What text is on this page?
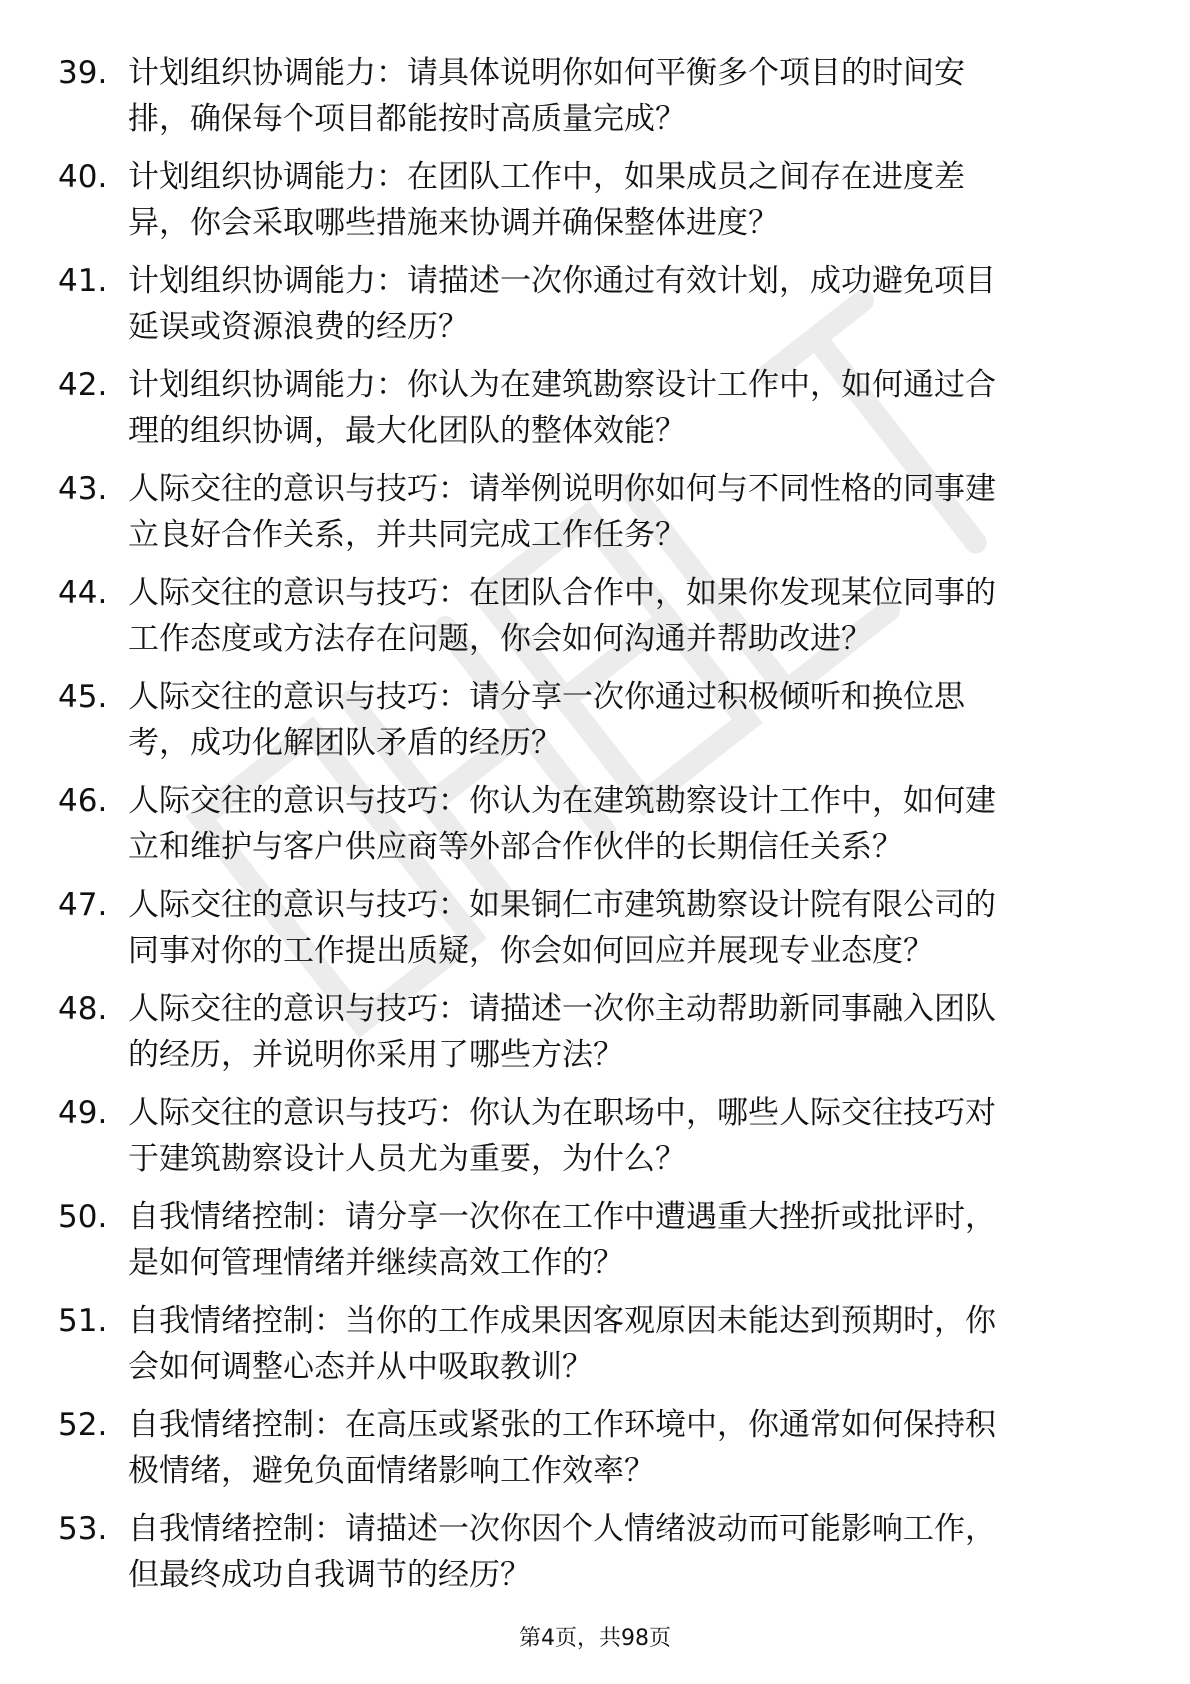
39. 计划组织协调能力：请具体说明你如何平衡多个项目的时间安
排，确保每个项目都能按时高质量完成？
40. 计划组织协调能力：在团队工作中，如果成员之间存在进度差
异，你会采取哪些措施来协调并确保整体进度？
41. 计划组织协调能力：请描述一次你通过有效计划，成功避免项目
延误或资源浪费的经历？
42. 计划组织协调能力：你认为在建筑勘察设计工作中，如何通过合
理的组织协调，最大化团队的整体效能？
43. 人际交往的意识与技巧：请举例说明你如何与不同性格的同事建
立良好合作关系，并共同完成工作任务？
44. 人际交往的意识与技巧：在团队合作中，如果你发现某位同事的
工作态度或方法存在问题，你会如何沟通并帮助改进？
45. 人际交往的意识与技巧：请分享一次你通过积极倾听和换位思
考，成功化解团队矛盾的经历？
46. 人际交往的意识与技巧：你认为在建筑勘察设计工作中，如何建
立和维护与客户供应商等外部合作伙伴的长期信任关系？
47. 人际交往的意识与技巧：如果铜仁市建筑勘察设计院有限公司的
同事对你的工作提出质疑，你会如何回应并展现专业态度？
48. 人际交往的意识与技巧：请描述一次你主动帮助新同事融入团队
的经历，并说明你采用了哪些方法？
49. 人际交往的意识与技巧：你认为在职场中，哪些人际交往技巧对
于建筑勘察设计人员尤为重要，为什么？
50. 自我情绪控制：请分享一次你在工作中遭遇重大挫折或批评时，
是如何管理情绪并继续高效工作的？
51. 自我情绪控制：当你的工作成果因客观原因未能达到预期时，你
会如何调整心态并从中吸取教训？
52. 自我情绪控制：在高压或紧张的工作环境中，你通常如何保持积
极情绪，避免负面情绪影响工作效率？
53. 自我情绪控制：请描述一次你因个人情绪波动而可能影响工作，
但最终成功自我调节的经历？
第4页，共98页
